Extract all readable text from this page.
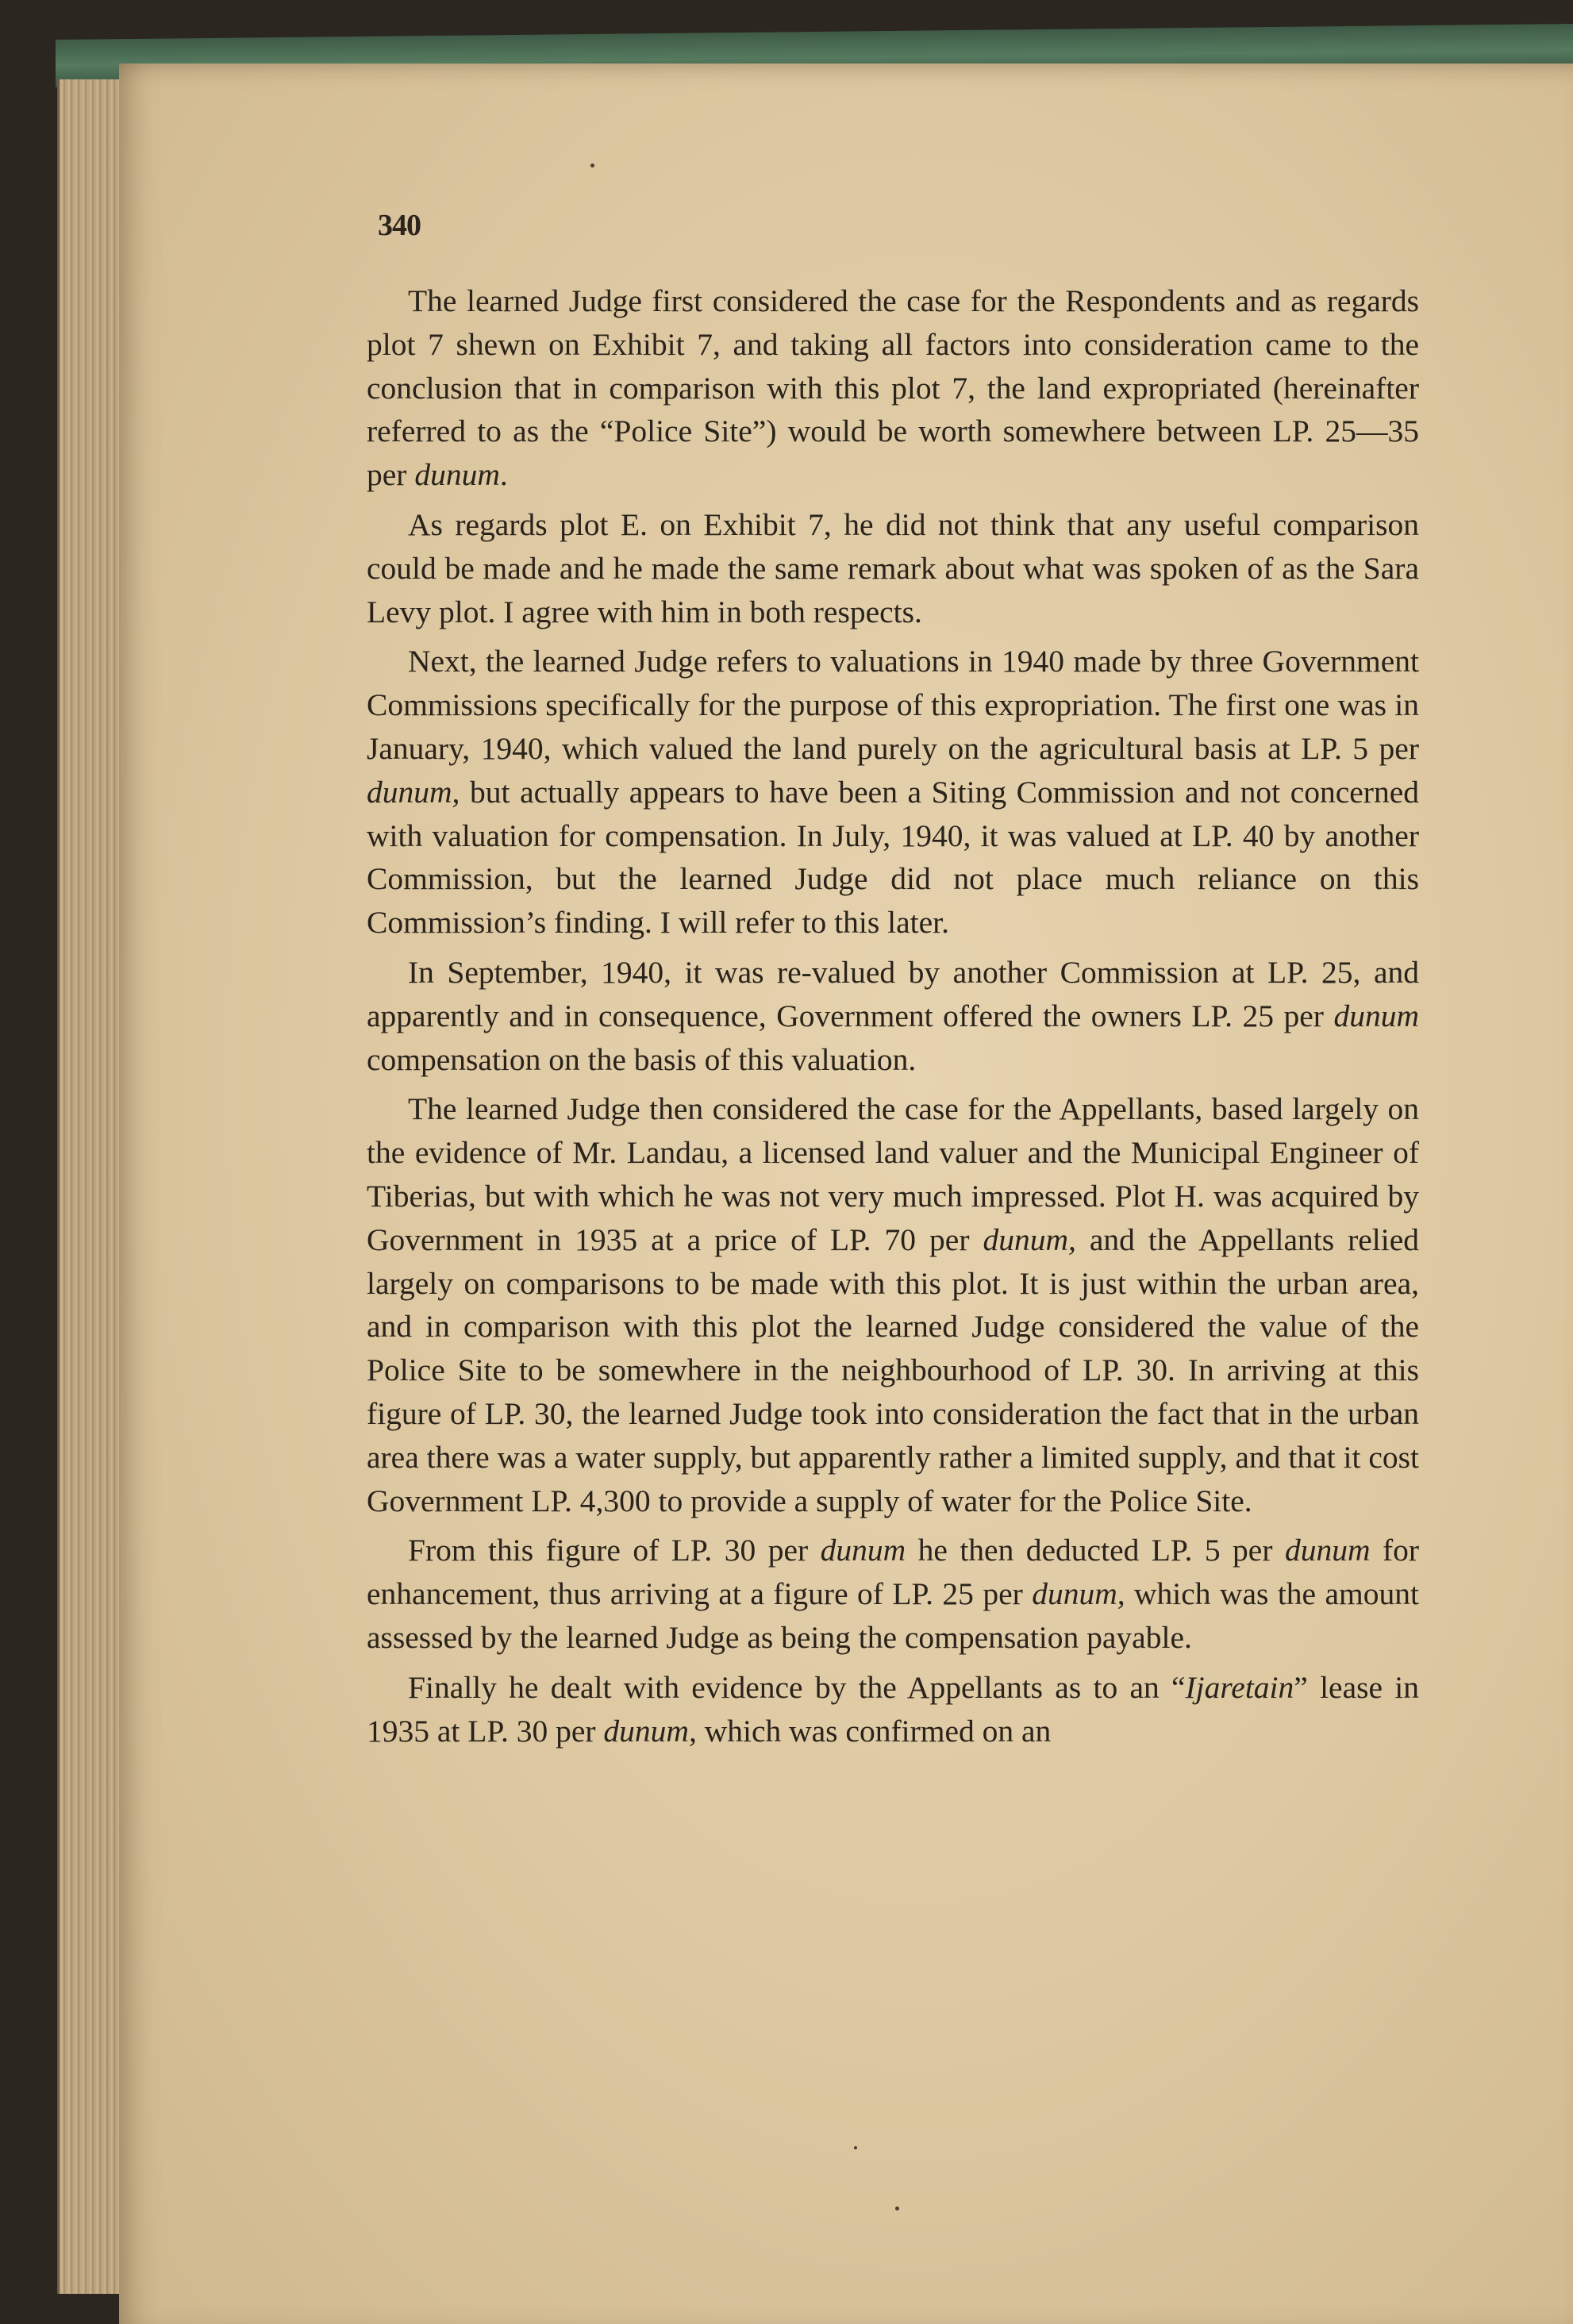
340

The learned Judge first considered the case for the Respondents and as regards plot 7 shewn on Exhibit 7, and taking all factors into consideration came to the conclusion that in comparison with this plot 7, the land expropriated (hereinafter referred to as the “Police Site”) would be worth somewhere between LP. 25—35 per dunum.

As regards plot E. on Exhibit 7, he did not think that any useful comparison could be made and he made the same remark about what was spoken of as the Sara Levy plot. I agree with him in both respects.

Next, the learned Judge refers to valuations in 1940 made by three Government Commissions specifically for the purpose of this expropriation. The first one was in January, 1940, which valued the land purely on the agricultural basis at LP. 5 per dunum, but actually appears to have been a Siting Commission and not concerned with valuation for compensation. In July, 1940, it was valued at LP. 40 by another Commission, but the learned Judge did not place much reliance on this Commission’s finding. I will refer to this later.

In September, 1940, it was re-valued by another Commission at LP. 25, and apparently and in consequence, Government offered the owners LP. 25 per dunum compensation on the basis of this valuation.

The learned Judge then considered the case for the Appellants, based largely on the evidence of Mr. Landau, a licensed land valuer and the Municipal Engineer of Tiberias, but with which he was not very much impressed. Plot H. was acquired by Government in 1935 at a price of LP. 70 per dunum, and the Appellants relied largely on comparisons to be made with this plot. It is just within the urban area, and in comparison with this plot the learned Judge considered the value of the Police Site to be somewhere in the neighbourhood of LP. 30. In arriving at this figure of LP. 30, the learned Judge took into consideration the fact that in the urban area there was a water supply, but apparently rather a limited supply, and that it cost Government LP. 4,300 to provide a supply of water for the Police Site.

From this figure of LP. 30 per dunum he then deducted LP. 5 per dunum for enhancement, thus arriving at a figure of LP. 25 per dunum, which was the amount assessed by the learned Judge as being the compensation payable.

Finally he dealt with evidence by the Appellants as to an “Ijaretain” lease in 1935 at LP. 30 per dunum, which was confirmed on an
